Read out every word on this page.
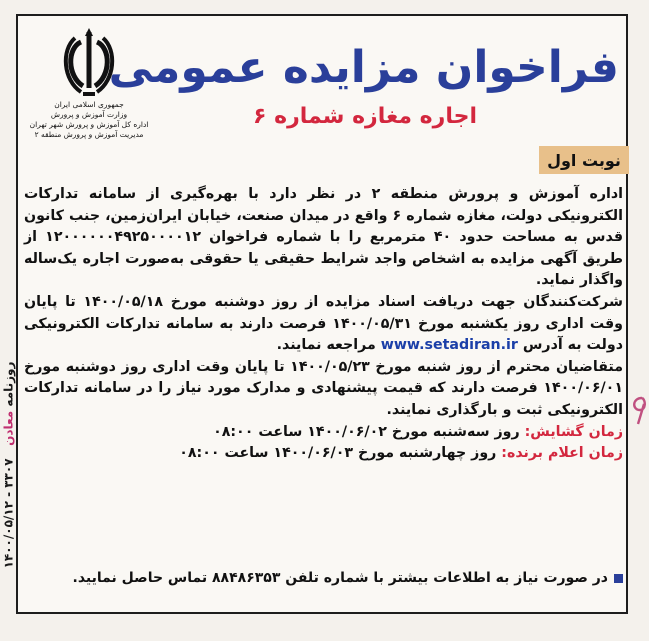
روزنامه معادن   ۳۳۰۷ - ۱۴۰۰/۰۵/۱۲
جمهوری اسلامی ایران
وزارت آموزش و پرورش
اداره کل آموزش و پرورش شهر تهران
مدیریت آموزش و پرورش منطقه ۲
فراخوان مزایده عمومی
اجاره مغازه شماره ۶
نوبت اول

اداره آموزش و پرورش منطقه ۲ در نظر دارد با بهره‌گیری از سامانه تدارکات الکترونیکی دولت، مغازه شماره ۶ واقع در میدان صنعت، خیابان ایران‌زمین، جنب کانون قدس به مساحت حدود ۴۰ مترمربع را با شماره فراخوان ۱۲۰۰۰۰۰۰۴۹۲۵۰۰۰۰۱۲ از طریق آگهی مزایده به اشخاص واجد شرایط حقیقی یا حقوقی به‌صورت اجاره یک‌ساله واگذار نماید.

شرکت‌کنندگان جهت دریافت اسناد مزایده از روز دوشنبه مورخ ۱۴۰۰/۰۵/۱۸ تا پایان وقت اداری روز یکشنبه مورخ ۱۴۰۰/۰۵/۳۱ فرصت دارند به سامانه تدارکات الکترونیکی دولت به آدرس www.setadiran.ir مراجعه نمایند.

متقاضیان محترم از روز شنبه مورخ ۱۴۰۰/۰۵/۲۳ تا پایان وقت اداری روز دوشنبه مورخ ۱۴۰۰/۰۶/۰۱ فرصت دارند که قیمت پیشنهادی و مدارک مورد نیاز را در سامانه تدارکات الکترونیکی ثبت و بارگذاری نمایند.

زمان گشایش: روز سه‌شنبه مورخ ۱۴۰۰/۰۶/۰۲ ساعت ۰۸:۰۰

زمان اعلام برنده: روز چهارشنبه مورخ ۱۴۰۰/۰۶/۰۳ ساعت ۰۸:۰۰

در صورت نیاز به اطلاعات بیشتر با شماره تلفن ۸۸۴۸۶۳۵۳ تماس حاصل نمایید.
